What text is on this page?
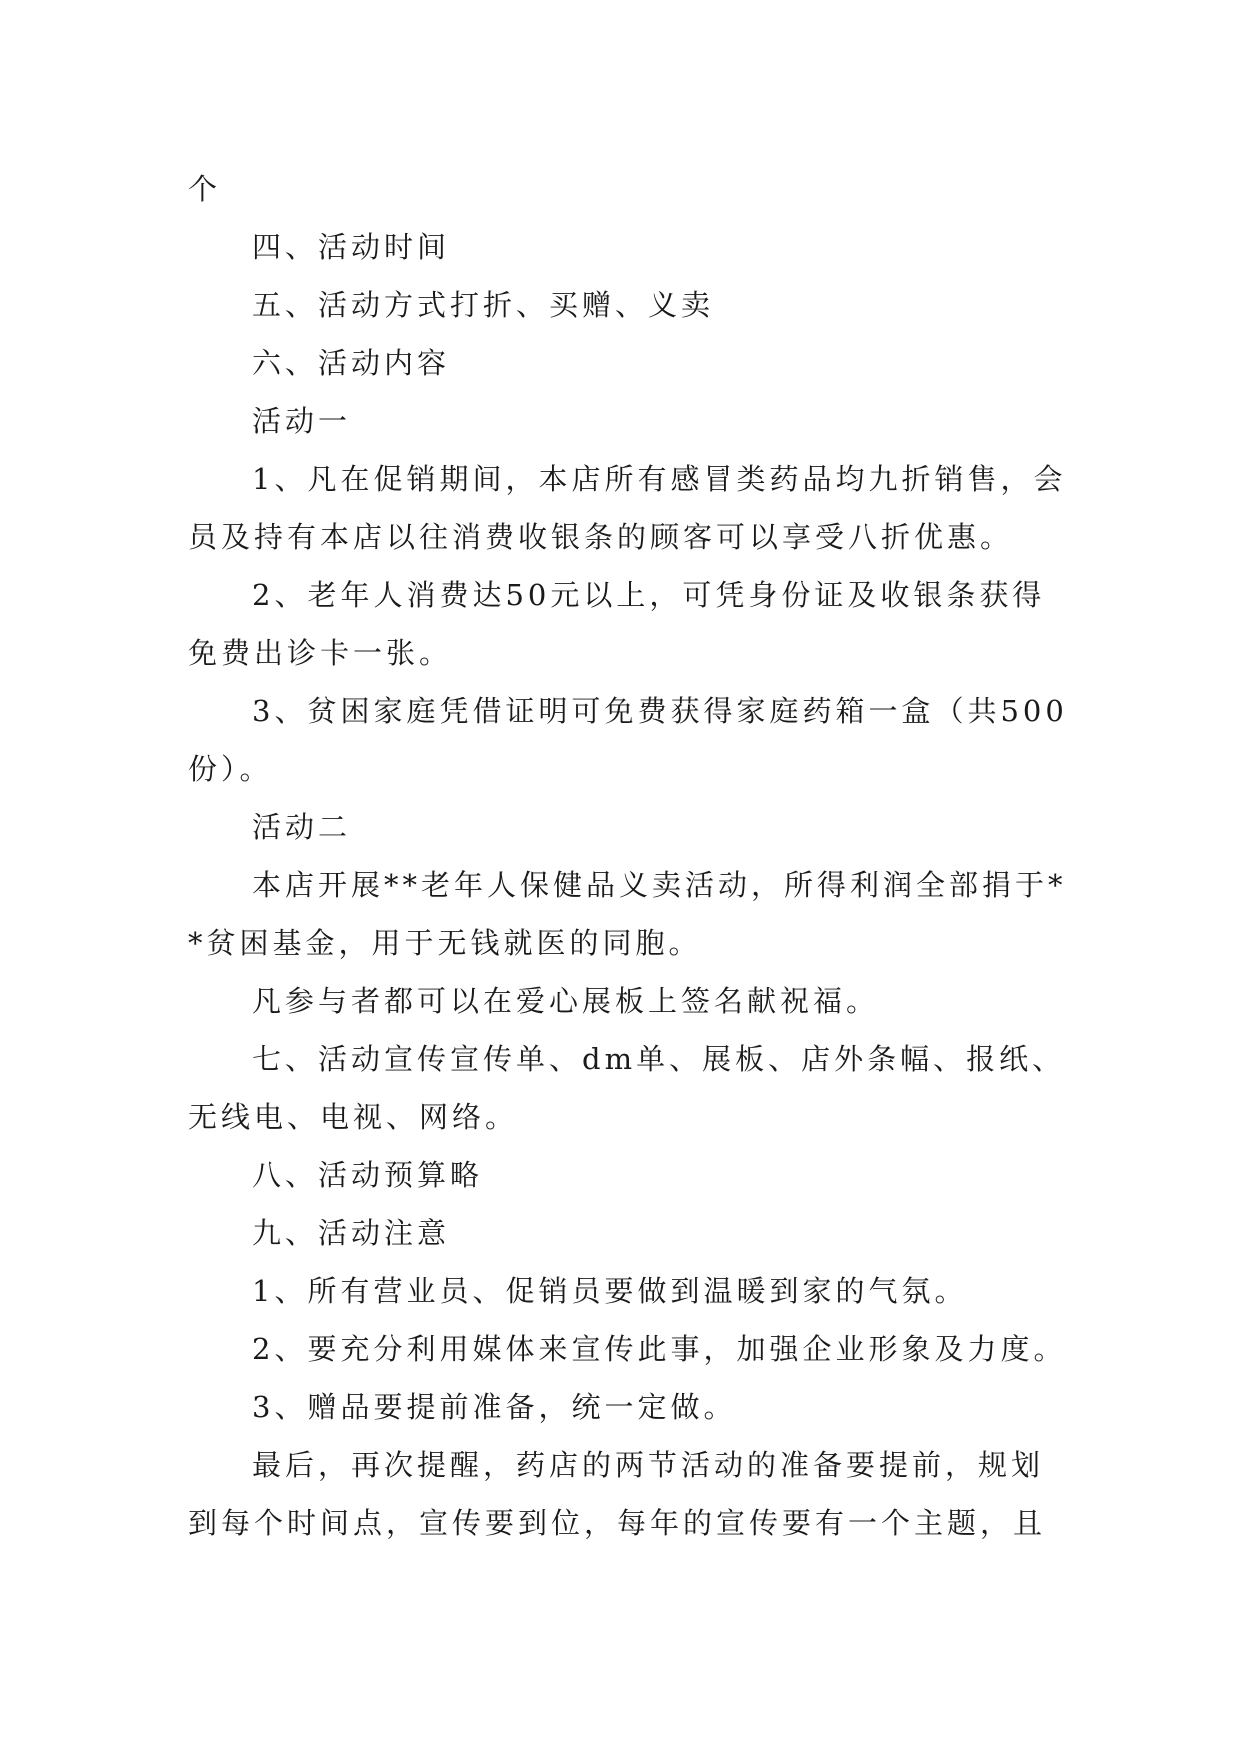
个

四、活动时间

五、活动方式打折、买赠、义卖

六、活动内容

活动一

1、凡在促销期间，本店所有感冒类药品均九折销售，会员及持有本店以往消费收银条的顾客可以享受八折优惠。

2、老年人消费达50元以上，可凭身份证及收银条获得免费出诊卡一张。

3、贫困家庭凭借证明可免费获得家庭药箱一盒（共500份）。

活动二

本店开展**老年人保健品义卖活动，所得利润全部捐于**贫困基金，用于无钱就医的同胞。

凡参与者都可以在爱心展板上签名献祝福。

七、活动宣传宣传单、dm单、展板、店外条幅、报纸、无线电、电视、网络。

八、活动预算略

九、活动注意

1、所有营业员、促销员要做到温暖到家的气氛。

2、要充分利用媒体来宣传此事，加强企业形象及力度。

3、赠品要提前准备，统一定做。

最后，再次提醒，药店的两节活动的准备要提前，规划到每个时间点，宣传要到位，每年的宣传要有一个主题，且
